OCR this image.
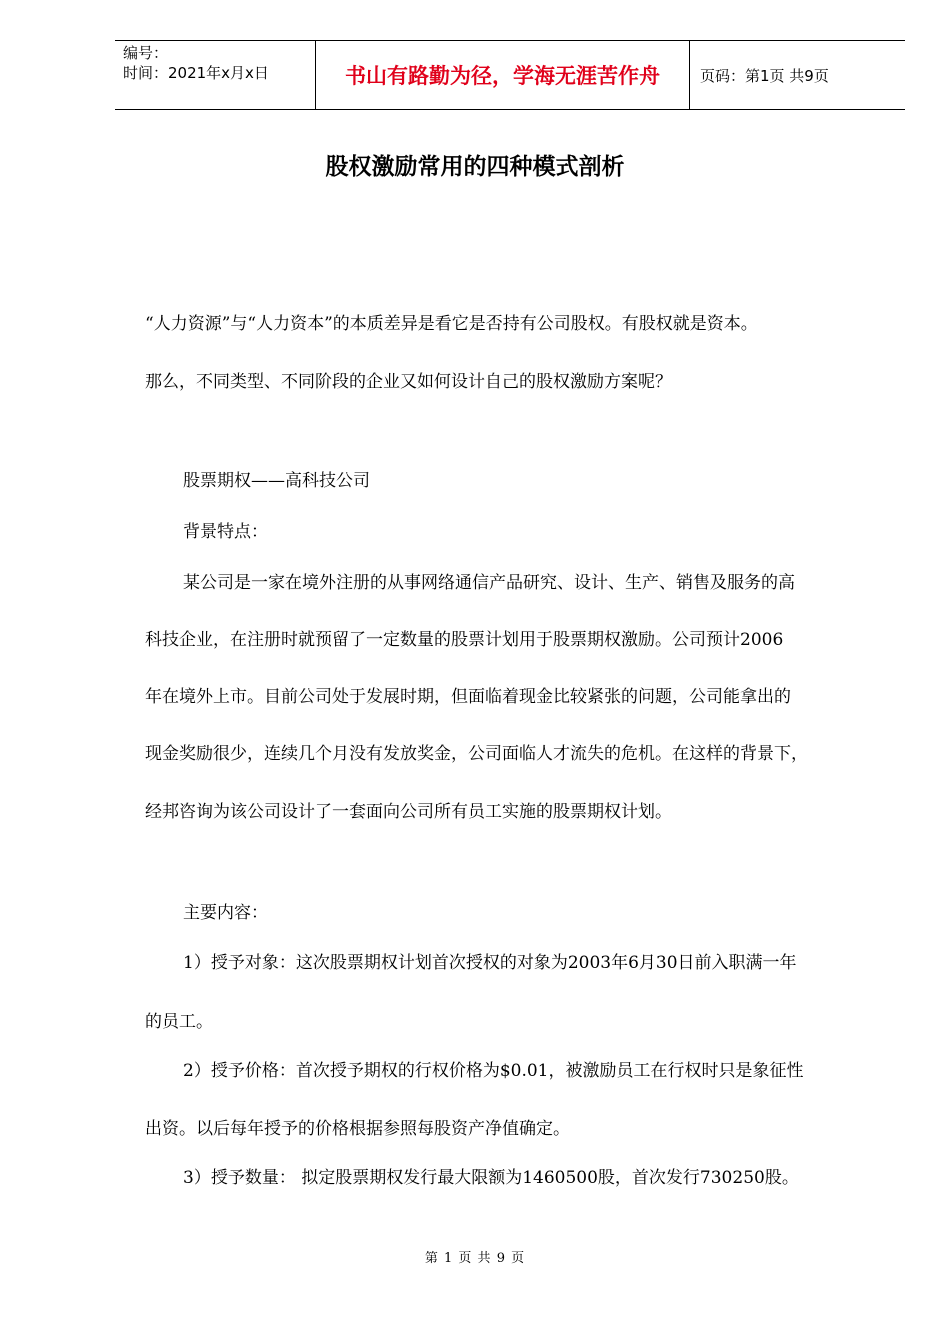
编号：
时间：2021年x月x日	书山有路勤为径，学海无涯苦作舟	页码：第1页 共9页
股权激励常用的四种模式剖析
“人力资源”与“人力资本”的本质差异是看它是否持有公司股权。有股权就是资本。
那么，不同类型、不同阶段的企业又如何设计自己的股权激励方案呢？
股票期权——高科技公司
背景特点：
某公司是一家在境外注册的从事网络通信产品研究、设计、生产、销售及服务的高
科技企业，在注册时就预留了一定数量的股票计划用于股票期权激励。公司预计2006
年在境外上市。目前公司处于发展时期，但面临着现金比较紧张的问题，公司能拿出的
现金奖励很少，连续几个月没有发放奖金，公司面临人才流失的危机。在这样的背景下，
经邦咨询为该公司设计了一套面向公司所有员工实施的股票期权计划。
主要内容：
1）授予对象：这次股票期权计划首次授权的对象为2003年6月30日前入职满一年
的员工。
2）授予价格：首次授予期权的行权价格为$0.01，被激励员工在行权时只是象征性
出资。以后每年授予的价格根据参照每股资产净值确定。
3）授予数量： 拟定股票期权发行最大限额为1460500股，首次发行730250股。
第 1 页 共 9 页
